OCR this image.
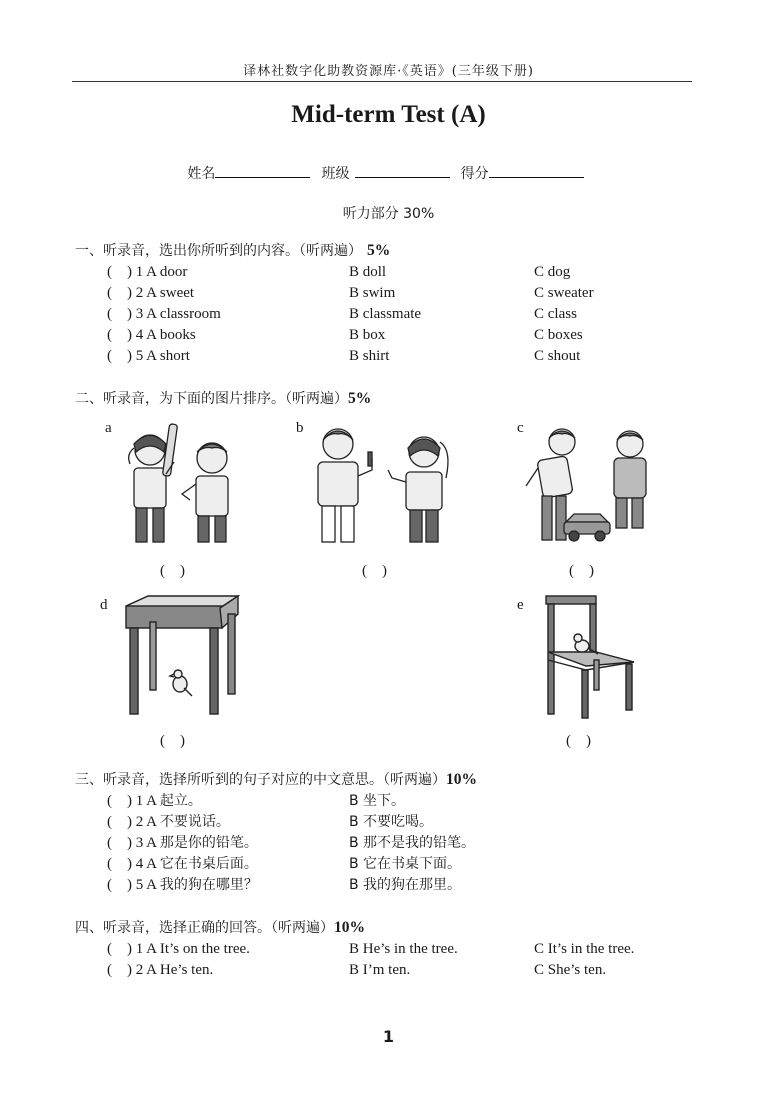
译林社数字化助教资源库·《英语》(三年级下册)
Mid-term Test (A)
姓名	班级	得分
听力部分 30%
一、听录音，选出你所听到的内容。（听两遍） 5%
(　) 1 A door	B doll	C dog
(　) 2 A sweet	B swim	C sweater
(　) 3 A classroom	B classmate	C class
(　) 4 A books	B box	C boxes
(　) 5 A short	B shirt	C shout
二、听录音，为下面的图片排序。（听两遍）5%
a	b	c
d	e
(　)	(　)	(　)
(　)	(　)
三、听录音，选择所听到的句子对应的中文意思。（听两遍）10%
(　) 1 A 起立。	B 坐下。
(　) 2 A 不要说话。	B 不要吃喝。
(　) 3 A 那是你的铅笔。	B 那不是我的铅笔。
(　) 4 A 它在书桌后面。	B 它在书桌下面。
(　) 5 A 我的狗在哪里？	B 我的狗在那里。
四、听录音，选择正确的回答。（听两遍）10%
(　) 1 A It’s on the tree.	B He’s in the tree.	C It’s in the tree.
(　) 2 A He’s ten.	B I’m ten.	C She’s ten.
1
